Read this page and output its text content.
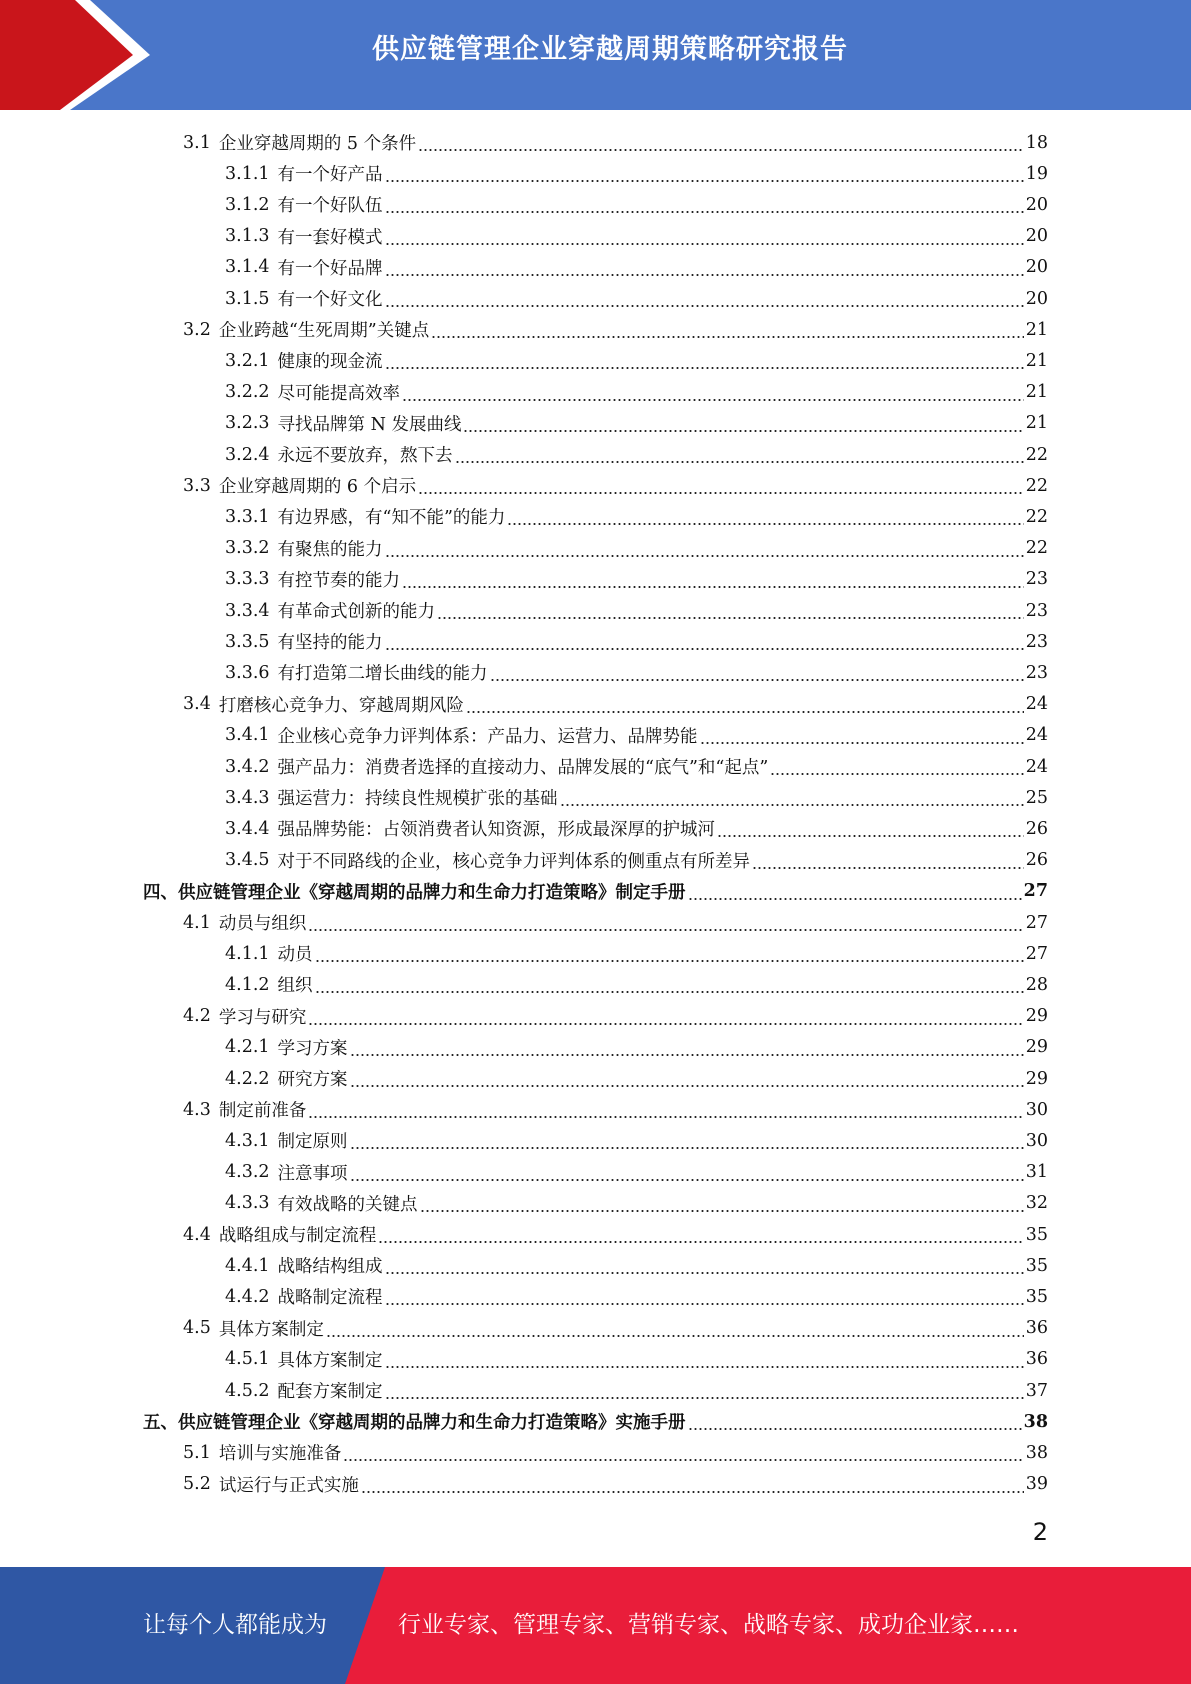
供应链管理企业穿越周期策略研究报告
3.1 企业穿越周期的 5 个条件	18
3.1.1 有一个好产品	19
3.1.2 有一个好队伍	20
3.1.3 有一套好模式	20
3.1.4 有一个好品牌	20
3.1.5 有一个好文化	20
3.2 企业跨越“生死周期”关键点	21
3.2.1 健康的现金流	21
3.2.2 尽可能提高效率	21
3.2.3 寻找品牌第 N 发展曲线	21
3.2.4 永远不要放弃，熬下去	22
3.3 企业穿越周期的 6 个启示	22
3.3.1 有边界感，有“知不能”的能力	22
3.3.2 有聚焦的能力	22
3.3.3 有控节奏的能力	23
3.3.4 有革命式创新的能力	23
3.3.5 有坚持的能力	23
3.3.6 有打造第二增长曲线的能力	23
3.4 打磨核心竞争力、穿越周期风险	24
3.4.1 企业核心竞争力评判体系：产品力、运营力、品牌势能	24
3.4.2 强产品力：消费者选择的直接动力、品牌发展的“底气”和“起点”	24
3.4.3 强运营力：持续良性规模扩张的基础	25
3.4.4 强品牌势能：占领消费者认知资源，形成最深厚的护城河	26
3.4.5 对于不同路线的企业，核心竞争力评判体系的侧重点有所差异	26
四、 供应链管理企业《穿越周期的品牌力和生命力打造策略》制定手册	27
4.1 动员与组织	27
4.1.1 动员	27
4.1.2 组织	28
4.2 学习与研究	29
4.2.1 学习方案	29
4.2.2 研究方案	29
4.3 制定前准备	30
4.3.1 制定原则	30
4.3.2 注意事项	31
4.3.3 有效战略的关键点	32
4.4 战略组成与制定流程	35
4.4.1 战略结构组成	35
4.4.2 战略制定流程	35
4.5 具体方案制定	36
4.5.1 具体方案制定	36
4.5.2 配套方案制定	37
五、 供应链管理企业《穿越周期的品牌力和生命力打造策略》实施手册	38
5.1 培训与实施准备	38
5.2 试运行与正式实施	39
2
让每个人都能成为	行业专家、管理专家、营销专家、战略专家、成功企业家……
